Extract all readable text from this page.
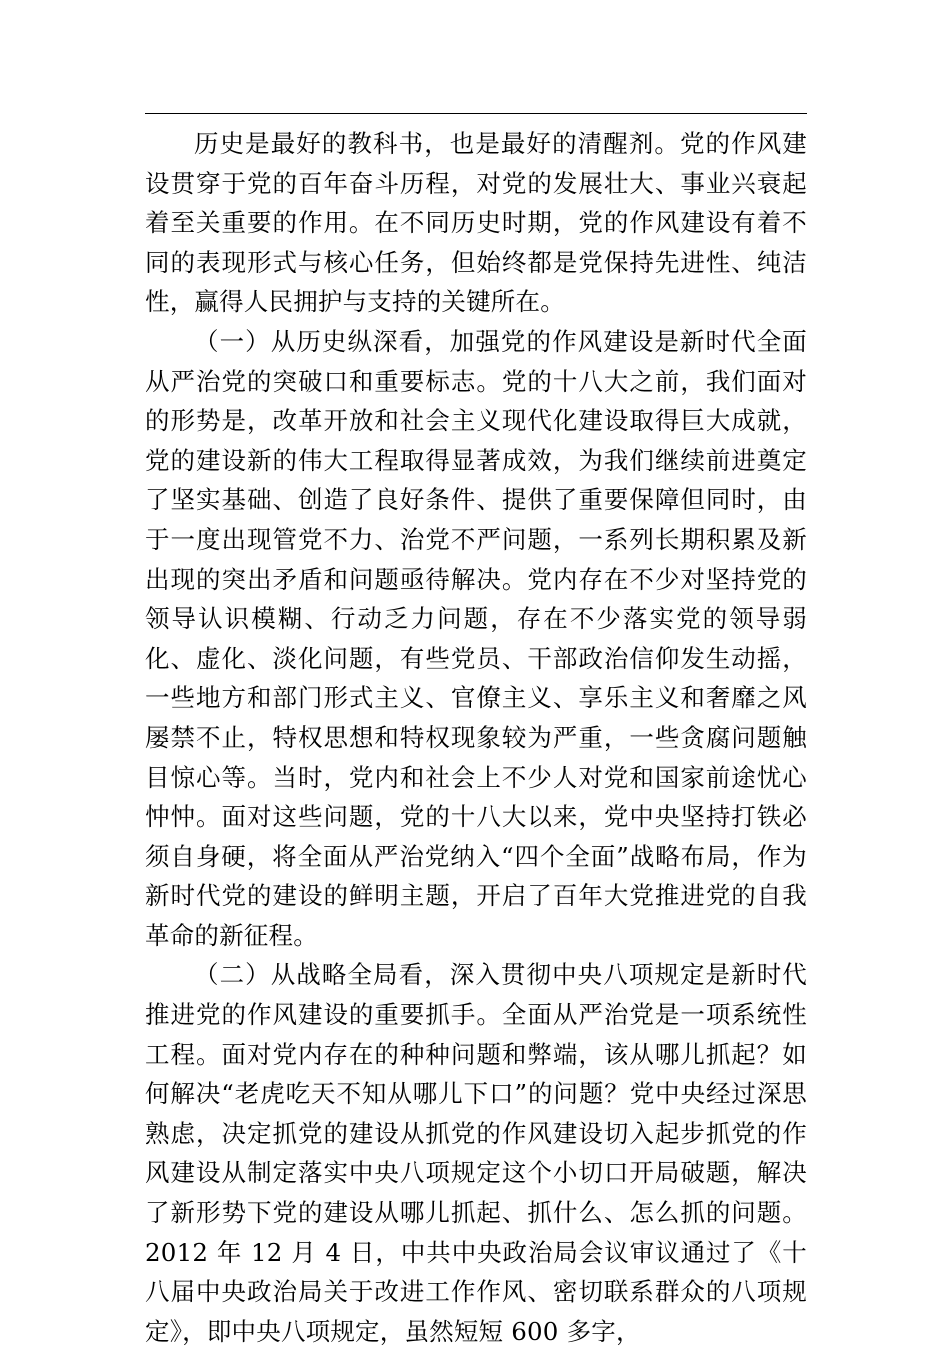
历史是最好的教科书，也是最好的清醒剂。党的作风建设贯穿于党的百年奋斗历程，对党的发展壮大、事业兴衰起着至关重要的作用。在不同历史时期，党的作风建设有着不同的表现形式与核心任务，但始终都是党保持先进性、纯洁性，赢得人民拥护与支持的关键所在。

（一）从历史纵深看，加强党的作风建设是新时代全面从严治党的突破口和重要标志。党的十八大之前，我们面对的形势是，改革开放和社会主义现代化建设取得巨大成就，党的建设新的伟大工程取得显著成效，为我们继续前进奠定了坚实基础、创造了良好条件、提供了重要保障但同时，由于一度出现管党不力、治党不严问题，一系列长期积累及新出现的突出矛盾和问题亟待解决。党内存在不少对坚持党的领导认识模糊、行动乏力问题，存在不少落实党的领导弱化、虚化、淡化问题，有些党员、干部政治信仰发生动摇，一些地方和部门形式主义、官僚主义、享乐主义和奢靡之风屡禁不止，特权思想和特权现象较为严重，一些贪腐问题触目惊心等。当时，党内和社会上不少人对党和国家前途忧心忡忡。面对这些问题，党的十八大以来，党中央坚持打铁必须自身硬，将全面从严治党纳入“四个全面”战略布局，作为新时代党的建设的鲜明主题，开启了百年大党推进党的自我革命的新征程。

（二）从战略全局看，深入贯彻中央八项规定是新时代推进党的作风建设的重要抓手。全面从严治党是一项系统性工程。面对党内存在的种种问题和弊端，该从哪儿抓起？如何解决“老虎吃天不知从哪儿下口”的问题？党中央经过深思熟虑，决定抓党的建设从抓党的作风建设切入起步抓党的作风建设从制定落实中央八项规定这个小切口开局破题，解决了新形势下党的建设从哪儿抓起、抓什么、怎么抓的问题。2012 年 12 月 4 日，中共中央政治局会议审议通过了《十八届中央政治局关于改进工作作风、密切联系群众的八项规定》，即中央八项规定，虽然短短 600 多字，
